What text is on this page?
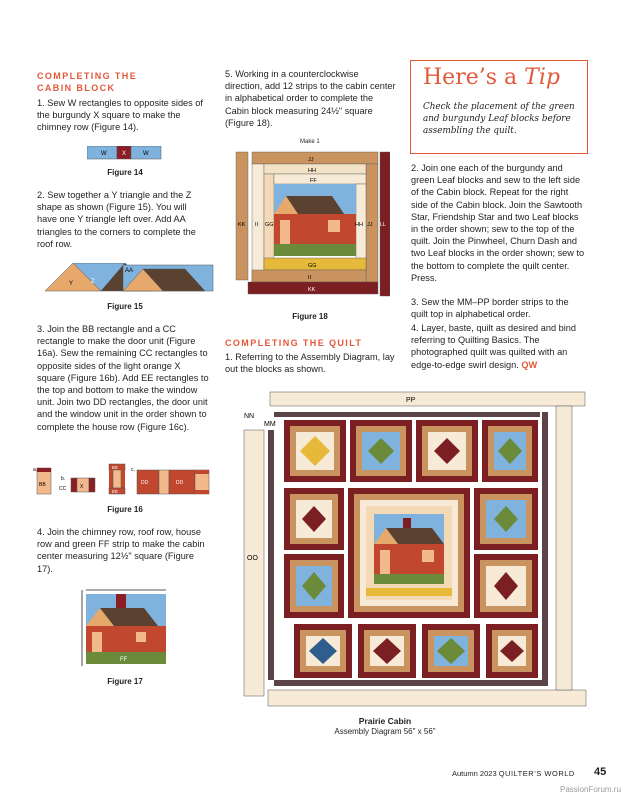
COMPLETING THE
CABIN BLOCK
1. Sew W rectangles to opposite sides of the burgundy X square to make the chimney row (Figure 14).
W	X	W
Figure 14
2. Sew together a Y triangle and the Z shape as shown (Figure 15). You will have one Y triangle left over. Add AA triangles to the corners to complete the roof row.
Y	Z
AA
Figure 15
3. Join the BB rectangle and a CC rectangle to make the door unit (Figure 16a). Sew the remaining CC rectangles to opposite sides of the light orange X square (Figure 16b). Add EE rectangles to the top and bottom to make the window unit. Join two DD rectangles, the door unit and the window unit in the order shown to complete the house row (Figure 16c).
a.
BB
b.
CC	X
EE
EE
c.
DD	DD
Figure 16
4. Join the chimney row, roof row, house row and green FF strip to make the cabin center measuring 12½" square (Figure 17).
FF
Figure 17
5. Working in a counterclockwise direction, add 12 strips to the cabin center in alphabetical order to complete the Cabin block measuring 24½" square (Figure 18).
Make 1
JJ
HH
FF
GG
II
KK
KK II GG	HH JJ LL
Figure 18
COMPLETING THE QUILT
1. Referring to the Assembly Diagram, lay out the blocks as shown.
Here’s a Tip
Check the placement of the green and burgundy Leaf blocks before assembling the quilt.
2. Join one each of the burgundy and green Leaf blocks and sew to the left side of the Cabin block. Repeat for the right side of the Cabin block. Join the Sawtooth Star, Friendship Star and two Leaf blocks in the order shown; sew to the top of the quilt. Join the Pinwheel, Churn Dash and two Leaf blocks in the order shown; sew to the bottom to complete the quilt center. Press.
3. Sew the MM–PP border strips to the quilt top in alphabetical order.
4. Layer, baste, quilt as desired and bind referring to Quilting Basics. The photographed quilt was quilted with an edge-to-edge swirl design. QW
PP
NN
MM
OO
Prairie Cabin
Assembly Diagram 56" x 56"
Autumn 2023 QUILTER’S WORLD 45
PassionForum.ru
